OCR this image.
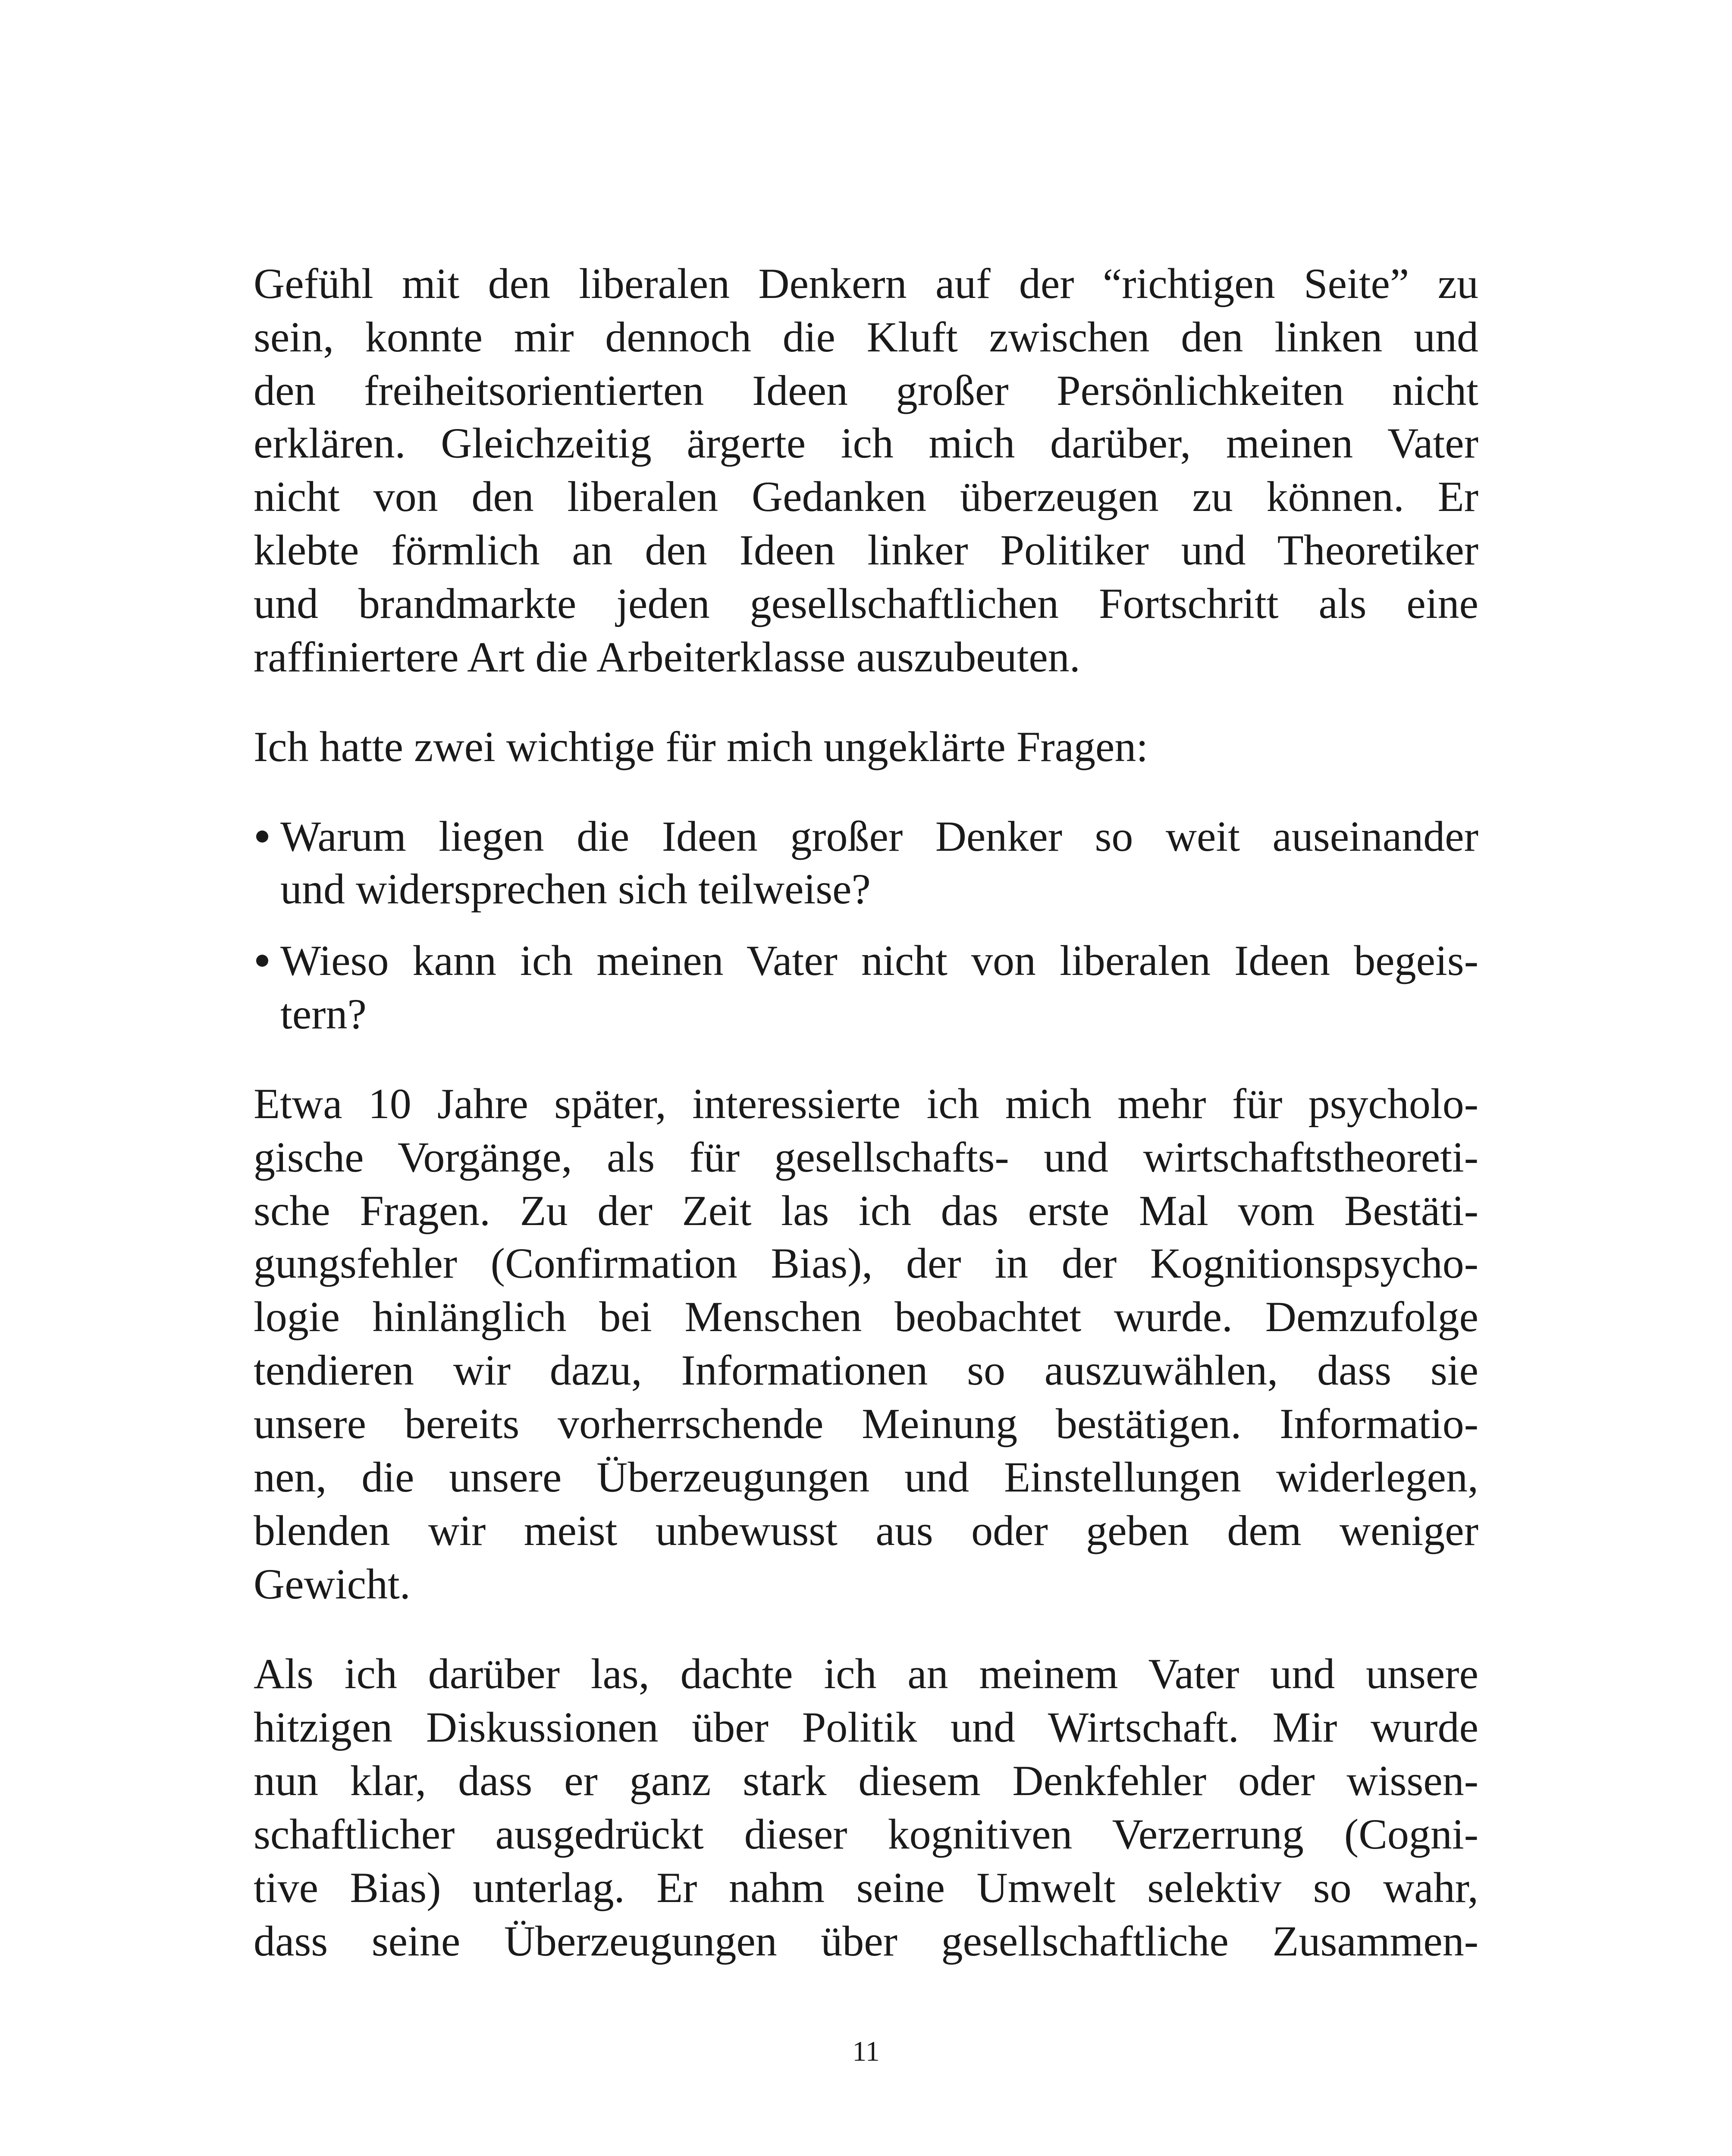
Gefühl mit den liberalen Denkern auf der “richtigen Seite” zu
sein, konnte mir dennoch die Kluft zwischen den linken und
den freiheitsorientierten Ideen großer Persönlichkeiten nicht
erklären. Gleichzeitig ärgerte ich mich darüber, meinen Vater
nicht von den liberalen Gedanken überzeugen zu können. Er
klebte förmlich an den Ideen linker Politiker und Theoretiker
und brandmarkte jeden gesellschaftlichen Fortschritt als eine
raffiniertere Art die Arbeiterklasse auszubeuten.
Ich hatte zwei wichtige für mich ungeklärte Fragen:
Warum liegen die Ideen großer Denker so weit auseinander
und widersprechen sich teilweise?
Wieso kann ich meinen Vater nicht von liberalen Ideen begeis-
tern?
Etwa 10 Jahre später, interessierte ich mich mehr für psycholo-
gische Vorgänge, als für gesellschafts- und wirtschaftstheoreti-
sche Fragen. Zu der Zeit las ich das erste Mal vom Bestäti-
gungsfehler (Confirmation Bias), der in der Kognitionspsycho-
logie hinlänglich bei Menschen beobachtet wurde. Demzufolge
tendieren wir dazu, Informationen so auszuwählen, dass sie
unsere bereits vorherrschende Meinung bestätigen. Informatio-
nen, die unsere Überzeugungen und Einstellungen widerlegen,
blenden wir meist unbewusst aus oder geben dem weniger
Gewicht.
Als ich darüber las, dachte ich an meinem Vater und unsere
hitzigen Diskussionen über Politik und Wirtschaft. Mir wurde
nun klar, dass er ganz stark diesem Denkfehler oder wissen-
schaftlicher ausgedrückt dieser kognitiven Verzerrung (Cogni-
tive Bias) unterlag. Er nahm seine Umwelt selektiv so wahr,
dass seine Überzeugungen über gesellschaftliche Zusammen-
11
